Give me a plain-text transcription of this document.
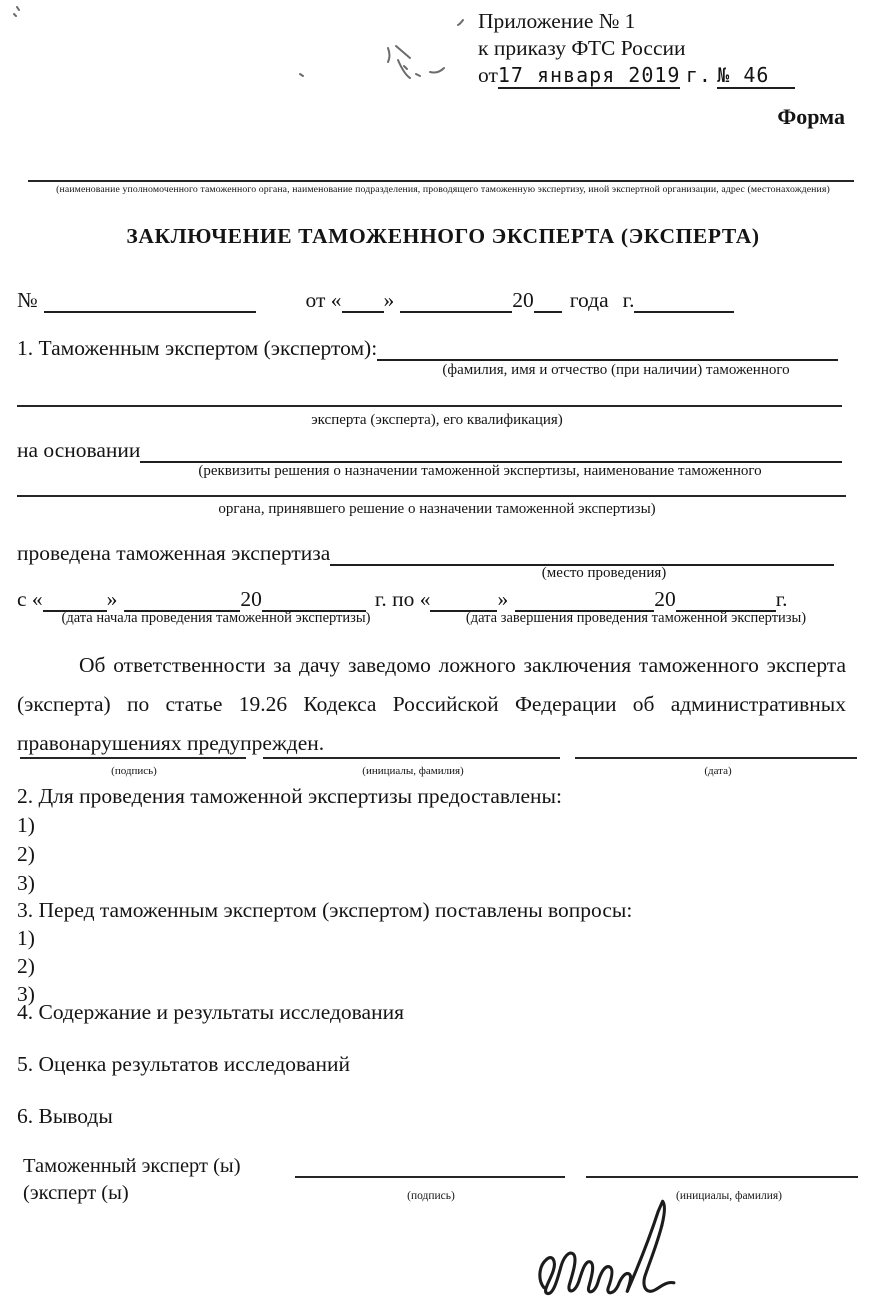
Приложение № 1
к приказу ФТС России
от17 января 2019 г. № 46
Форма
(наименование уполномоченного таможенного органа, наименование подразделения, проводящего таможенную экспертизу, иной экспертной организации, адрес (местонахождения)
ЗАКЛЮЧЕНИЕ ТАМОЖЕННОГО ЭКСПЕРТА (ЭКСПЕРТА)
№	от « »	20 года г.
1. Таможенным экспертом (экспертом):
(фамилия, имя и отчество (при наличии) таможенного
эксперта (эксперта), его квалификация)
на основании
(реквизиты решения о назначении таможенной экспертизы, наименование таможенного
органа, принявшего решение о назначении таможенной экспертизы)
проведена таможенная экспертиза
(место проведения)
с «	»	20	г. по «	»	20	г.
(дата начала проведения таможенной экспертизы)	(дата завершения проведения таможенной экспертизы)
Об ответственности за дачу заведомо ложного заключения таможенного эксперта (эксперта) по статье 19.26 Кодекса Российской Федерации об административных правонарушениях предупрежден.
(подпись)	(инициалы, фамилия)	(дата)
2. Для проведения таможенной экспертизы предоставлены:
1)
2)
3)
3. Перед таможенным экспертом (экспертом) поставлены вопросы:
1)
2)
3)
4. Содержание и результаты исследования
5. Оценка результатов исследований
6. Выводы
Таможенный эксперт (ы)
(эксперт (ы)	(подпись)	(инициалы, фамилия)
